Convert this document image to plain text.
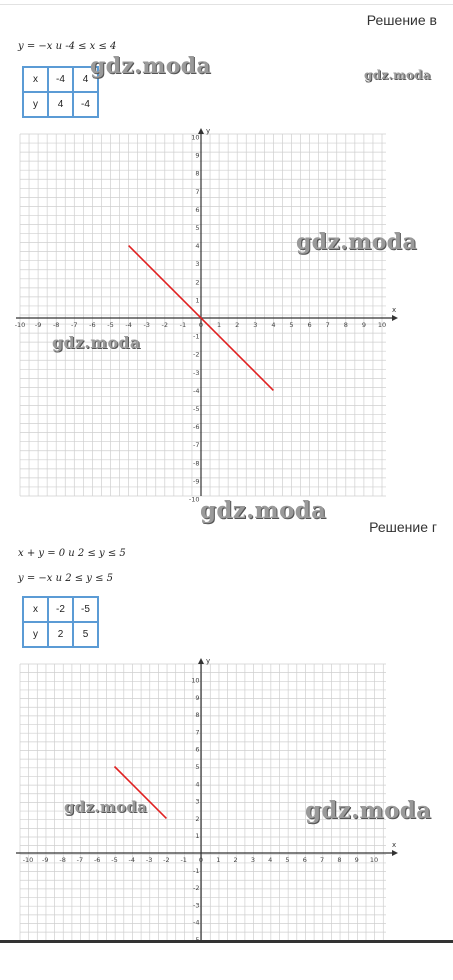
Решение в
y = −x и -4 ≤ x ≤ 4
x	-4	4
y	4	-4
x
y
-10 -9 -8 -7 -6 -5 -4 -3 -2 -1 0 1 2 3 4 5 6 7 8 9 10
-10
-9
-8
-7
-6
-5
-4
-3
-2
-1
1
2
3
4
5
6
7
8
9
10
gdz.moda	gdz.moda
gdz.moda
gdz.moda
gdz.moda
Решение г
x + y = 0 и 2 ≤ y ≤ 5
y = −x и 2 ≤ y ≤ 5
x	-2	-5
y	2	5
x
y
-10 -9 -8 -7 -6 -5 -4 -3 -2 -1 0 1 2 3 4 5 6 7 8 9 10
-4
-3
-2
-1
1
2
3
4
5
6
7
8
9
10
gdz.moda	gdz.moda
